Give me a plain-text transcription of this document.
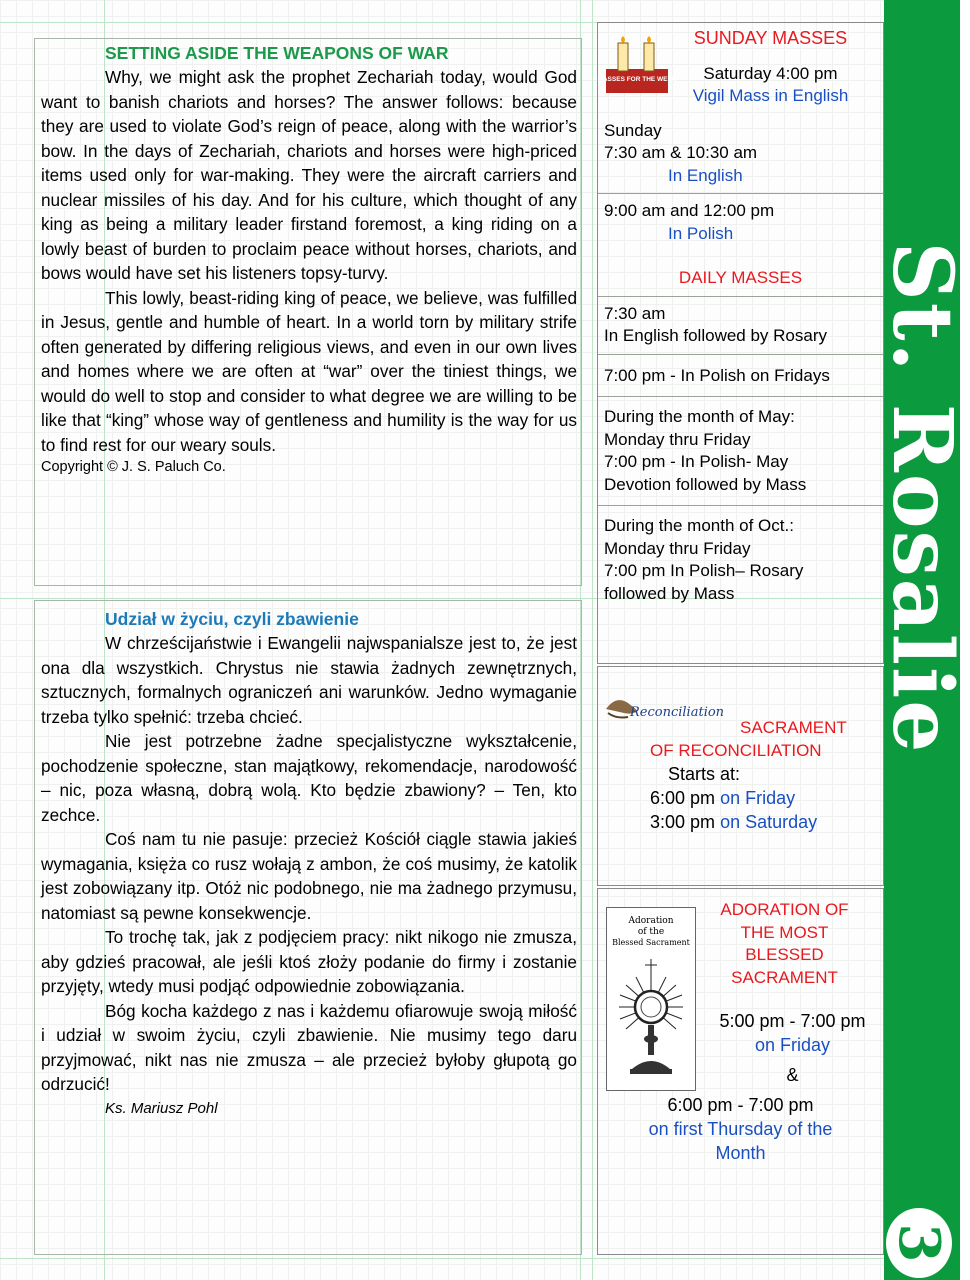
SETTING ASIDE THE WEAPONS OF WAR

Why, we might ask the prophet Zechariah today, would God want to banish chariots and horses? The answer follows: because they are used to violate God’s reign of peace, along with the warrior’s bow. In the days of Zechariah, chariots and horses were high-priced items used only for war-making. They were the aircraft carriers and nuclear missiles of his day. And for his culture, which thought of any king as being a military leader firstand foremost, a king riding on a lowly beast of burden to proclaim peace without horses, chariots, and bows would have set his listeners topsy-turvy.

This lowly, beast-riding king of peace, we believe, was fulfilled in Jesus, gentle and humble of heart. In a world torn by military strife often generated by differing religious views, and even in our own lives and homes where we are often at “war” over the tiniest things, we would do well to stop and consider to what degree we are willing to be like that “king” whose way of gentleness and humility is the way for us to find rest for our weary souls.

Copyright © J. S. Paluch Co.

Udział w życiu, czyli zbawienie

W chrześcijaństwie i Ewangelii najwspanialsze jest to, że jest ona dla wszystkich. Chrystus nie stawia żadnych zewnętrznych, sztucznych, formalnych ograniczeń ani warunków. Jedno wymaganie trzeba tylko spełnić: trzeba chcieć.

Nie jest potrzebne żadne specjalistyczne wykształcenie, pochodzenie społeczne, stan majątkowy, rekomendacje, narodowość – nic, poza własną, dobrą wolą. Kto będzie zbawiony? – Ten, kto zechce.

Coś nam tu nie pasuje: przecież Kościół ciągle stawia jakieś wymagania, księża co rusz wołają z ambon, że coś musimy, że katolik jest zobowiązany itp. Otóż nic podobnego, nie ma żadnego przymusu, natomiast są pewne konsekwencje.

To trochę tak, jak z podjęciem pracy: nikt nikogo nie zmusza, aby gdzieś pracował, ale jeśli ktoś złoży podanie do firmy i zostanie przyjęty, wtedy musi podjąć odpowiednie zobowiązania.

Bóg kocha każdego z nas i każdemu ofiarowuje swoją miłość i udział w swoim życiu, czyli zbawienie. Nie musimy tego daru przyjmować, nikt nas nie zmusza – ale przecież byłoby głupotą go odrzucić!

Ks. Mariusz Pohl

MASSES FOR THE WEEK
SUNDAY MASSES
Saturday 4:00 pm
Vigil Mass in English
Sunday
7:30 am & 10:30 am
In English
9:00 am and 12:00 pm
In Polish
DAILY MASSES
7:30 am
In English followed by Rosary
7:00 pm - In Polish on Fridays
During the month of May:
Monday thru Friday
7:00 pm - In Polish- May
Devotion followed by Mass
During the month of Oct.:
Monday thru Friday
7:00 pm In Polish– Rosary
followed by Mass
Reconciliation
SACRAMENT
OF RECONCILIATION
Starts at:
6:00 pm on Friday
3:00 pm on Saturday
Adoration
of the
Blessed Sacrament
ADORATION OF
THE MOST
BLESSED
SACRAMENT
5:00 pm - 7:00 pm
on Friday
&
6:00 pm - 7:00 pm
on first Thursday of the
Month
St. Rosalie
3
